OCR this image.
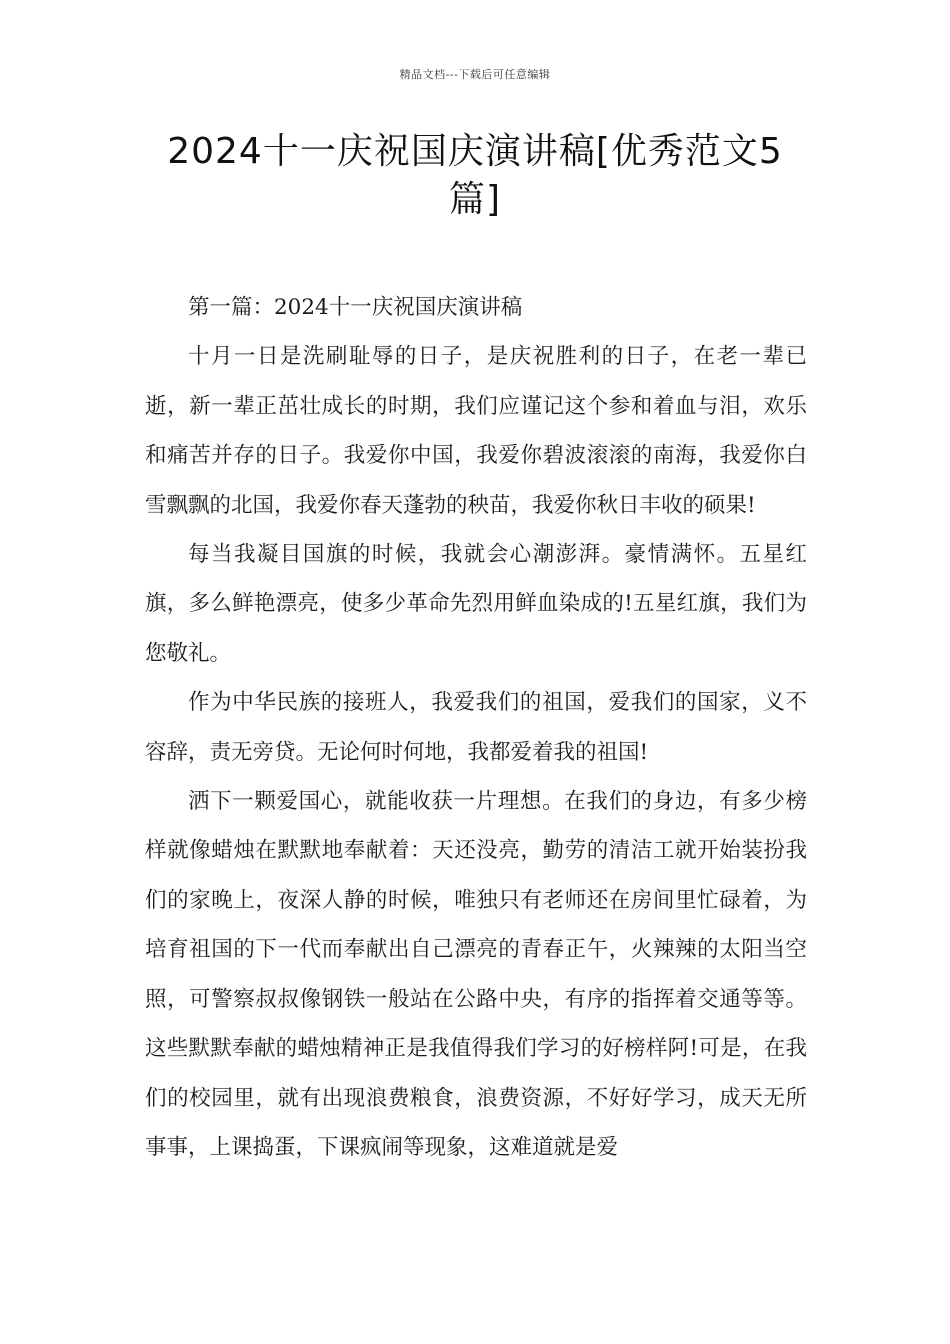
精品文档---下载后可任意编辑
2024十一庆祝国庆演讲稿[优秀范文5篇]

第一篇：2024十一庆祝国庆演讲稿

十月一日是洗刷耻辱的日子，是庆祝胜利的日子，在老一辈已逝，新一辈正茁壮成长的时期，我们应谨记这个参和着血与泪，欢乐和痛苦并存的日子。我爱你中国，我爱你碧波滚滚的南海，我爱你白雪飘飘的北国，我爱你春天蓬勃的秧苗，我爱你秋日丰收的硕果!

每当我凝目国旗的时候，我就会心潮澎湃。豪情满怀。五星红旗，多么鲜艳漂亮，使多少革命先烈用鲜血染成的!五星红旗，我们为您敬礼。

作为中华民族的接班人，我爱我们的祖国，爱我们的国家，义不容辞，责无旁贷。无论何时何地，我都爱着我的祖国!

洒下一颗爱国心，就能收获一片理想。在我们的身边，有多少榜样就像蜡烛在默默地奉献着：天还没亮，勤劳的清洁工就开始装扮我们的家晚上，夜深人静的时候，唯独只有老师还在房间里忙碌着，为培育祖国的下一代而奉献出自己漂亮的青春正午，火辣辣的太阳当空照，可警察叔叔像钢铁一般站在公路中央，有序的指挥着交通等等。这些默默奉献的蜡烛精神正是我值得我们学习的好榜样阿!可是，在我们的校园里，就有出现浪费粮食，浪费资源，不好好学习，成天无所事事，上课捣蛋，下课疯闹等现象，这难道就是爱
